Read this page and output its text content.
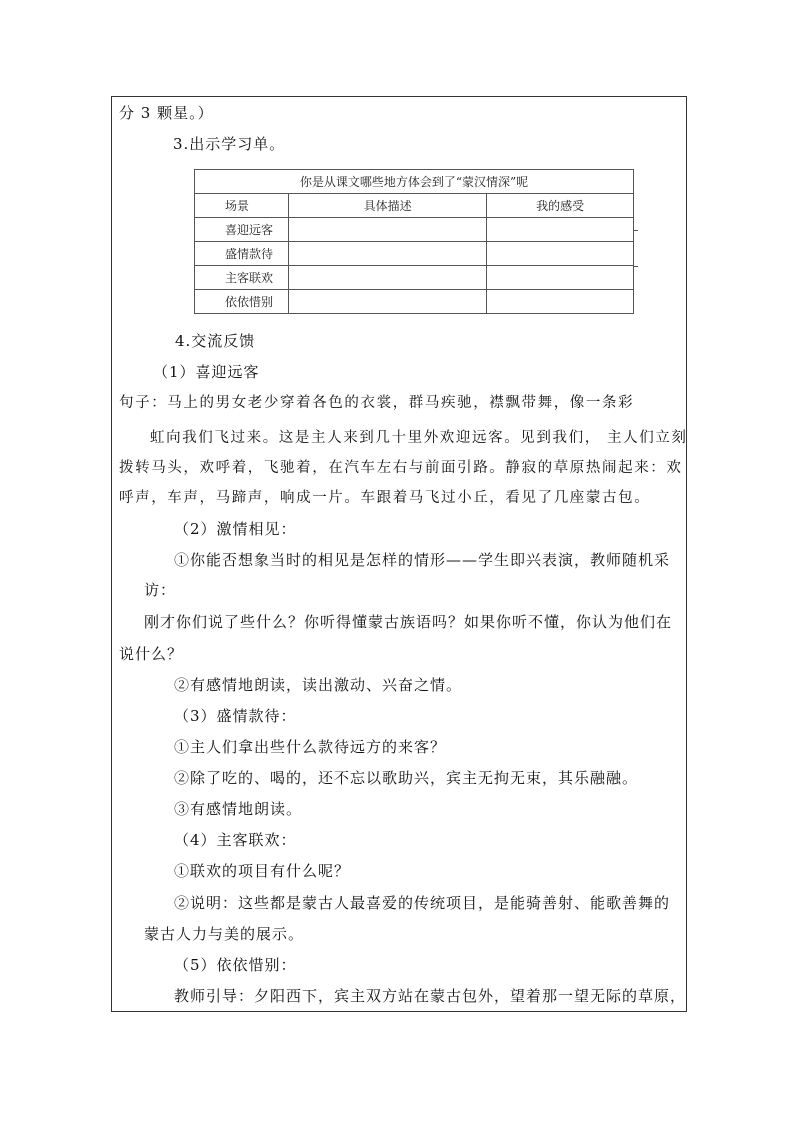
分 3 颗星。）
3.出示学习单。
你是从课文哪些地方体会到了“蒙汉情深”呢		
场景	具体描述	我的感受
喜迎远客		
盛情款待		
主客联欢		
依依惜别		
4.交流反馈
（1）喜迎远客
句子：马上的男女老少穿着各色的衣裳，群马疾驰，襟飘带舞，像一条彩
虹向我们飞过来。这是主人来到几十里外欢迎远客。见到我们， 主人们立刻
拨转马头，欢呼着，飞驰着，在汽车左右与前面引路。静寂的草原热闹起来：欢
呼声，车声，马蹄声，响成一片。车跟着马飞过小丘，看见了几座蒙古包。
（2）激情相见：
①你能否想象当时的相见是怎样的情形——学生即兴表演，教师随机采
访：
刚才你们说了些什么？你听得懂蒙古族语吗？如果你听不懂，你认为他们在
说什么？
②有感情地朗读，读出激动、兴奋之情。
（3）盛情款待：
①主人们拿出些什么款待远方的来客？
②除了吃的、喝的，还不忘以歌助兴，宾主无拘无束，其乐融融。
③有感情地朗读。
（4）主客联欢：
①联欢的项目有什么呢？
②说明：这些都是蒙古人最喜爱的传统项目，是能骑善射、能歌善舞的
蒙古人力与美的展示。
（5）依依惜别：
教师引导：夕阳西下，宾主双方站在蒙古包外，望着那一望无际的草原，
